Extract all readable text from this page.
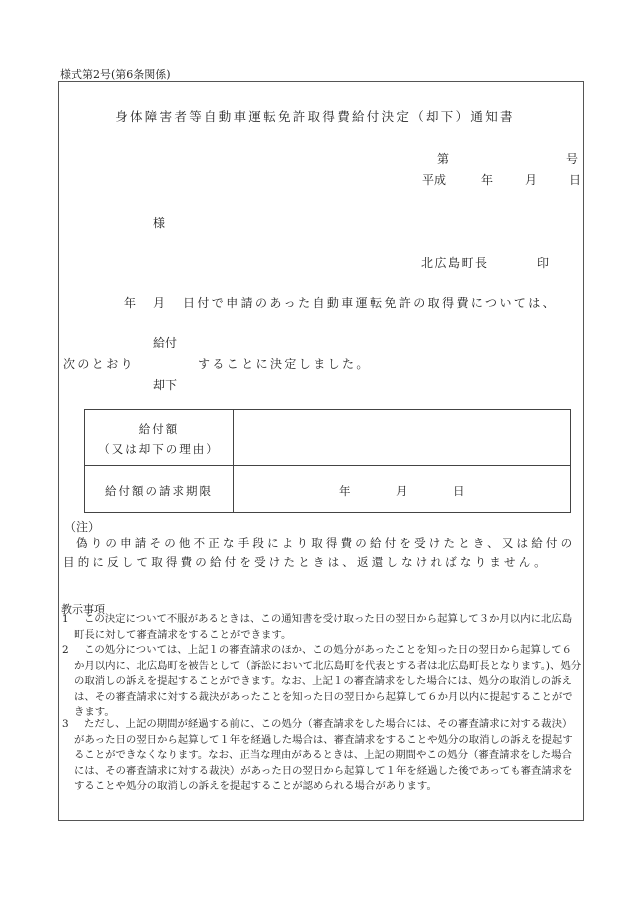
様式第2号(第6条関係)
身体障害者等自動車運転免許取得費給付決定（却下）通知書
第	号
平成	年	月	日
様
北広島町長	印
年 月 日付で申請のあった自動車運転免許の取得費については、
給付
次のとおり	することに決定しました。
却下
給付額
（又は却下の理由）
給付額の請求期限	年	月	日
（注）
偽りの申請その他不正な手段により取得費の給付を受けたとき、又は給付の目的に反して取得費の給付を受けたときは、返還しなければなりません。
教示事項
1	この決定について不服があるときは、この通知書を受け取った日の翌日から起算して３か月以内に北広島町長に対して審査請求をすることができます。
2	この処分については、上記１の審査請求のほか、この処分があったことを知った日の翌日から起算して６か月以内に、北広島町を被告として（訴訟において北広島町を代表とする者は北広島町長となります。)、処分の取消しの訴えを提起することができます。なお、上記１の審査請求をした場合には、処分の取消しの訴えは、その審査請求に対する裁決があったことを知った日の翌日から起算して６か月以内に提起することができます。
3	ただし、上記の期間が経過する前に、この処分（審査請求をした場合には、その審査請求に対する裁決）があった日の翌日から起算して１年を経過した場合は、審査請求をすることや処分の取消しの訴えを提起することができなくなります。なお、正当な理由があるときは、上記の期間やこの処分（審査請求をした場合には、その審査請求に対する裁決）があった日の翌日から起算して１年を経過した後であっても審査請求をすることや処分の取消しの訴えを提起することが認められる場合があります。
